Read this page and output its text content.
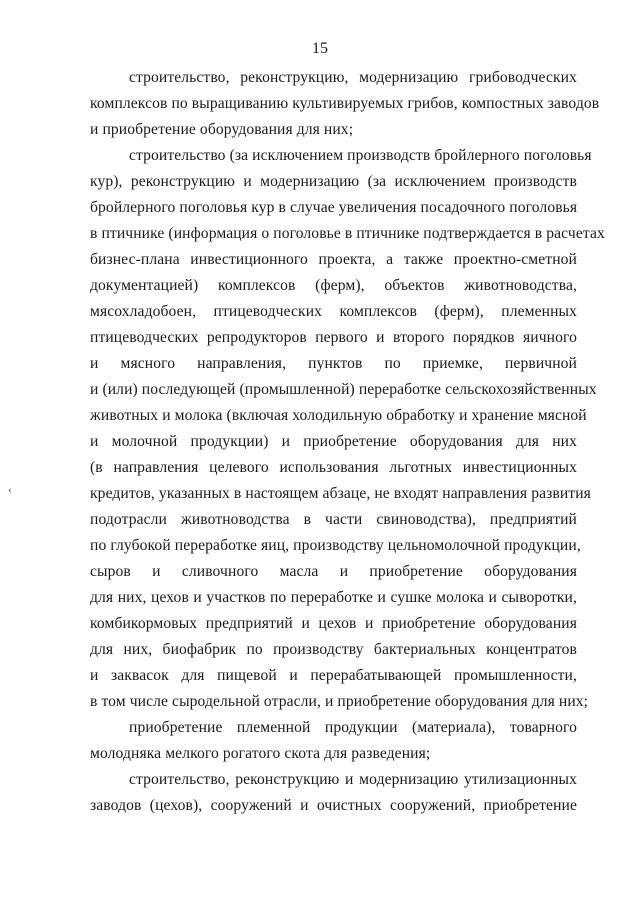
15
‹
строительство, реконструкцию, модернизацию грибоводческих
комплексов по выращиванию культивируемых грибов, компостных заводов
и приобретение оборудования для них;
строительство (за исключением производств бройлерного поголовья
кур), реконструкцию и модернизацию (за исключением производств
бройлерного поголовья кур в случае увеличения посадочного поголовья
в птичнике (информация о поголовье в птичнике подтверждается в расчетах
бизнес-плана инвестиционного проекта, а также проектно-сметной
документацией) комплексов (ферм), объектов животноводства,
мясохладобоен, птицеводческих комплексов (ферм), племенных
птицеводческих репродукторов первого и второго порядков яичного
и мясного направления, пунктов по приемке, первичной
и (или) последующей (промышленной) переработке сельскохозяйственных
животных и молока (включая холодильную обработку и хранение мясной
и молочной продукции) и приобретение оборудования для них
(в направления целевого использования льготных инвестиционных
кредитов, указанных в настоящем абзаце, не входят направления развития
подотрасли животноводства в части свиноводства), предприятий
по глубокой переработке яиц, производству цельномолочной продукции,
сыров и сливочного масла и приобретение оборудования
для них, цехов и участков по переработке и сушке молока и сыворотки,
комбикормовых предприятий и цехов и приобретение оборудования
для них, биофабрик по производству бактериальных концентратов
и заквасок для пищевой и перерабатывающей промышленности,
в том числе сыродельной отрасли, и приобретение оборудования для них;
приобретение племенной продукции (материала), товарного
молодняка мелкого рогатого скота для разведения;
строительство, реконструкцию и модернизацию утилизационных
заводов (цехов), сооружений и очистных сооружений, приобретение
